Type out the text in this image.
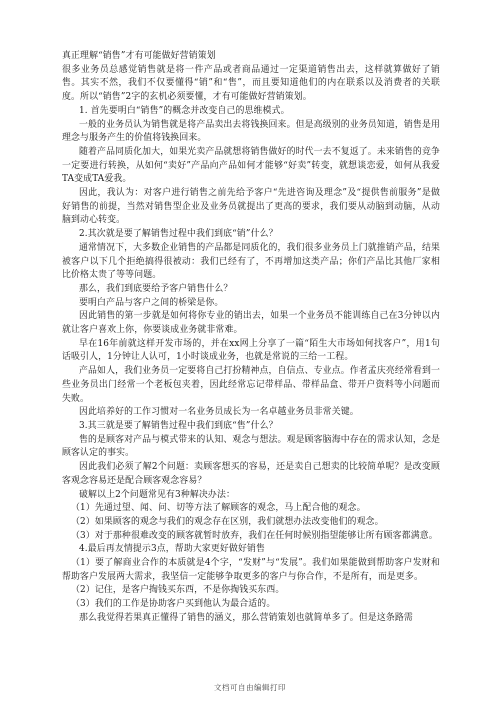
真正理解“销售”才有可能做好营销策划

很多业务员总感觉销售就是将一件产品或者商品通过一定渠道销售出去，这样就算做好了销售。其实不然，我们不仅要懂得“销”和“售”，而且要知道他们的内在联系以及消费者的关联度。所以“销售”2字的玄机必须要懂，才有可能做好营销策划。

1. 首先要明白“销售”的概念并改变自己的思维模式。

一般的业务员认为销售就是将产品卖出去将钱换回来。但是高级别的业务员知道，销售是用理念与服务产生的价值将钱换回来。

随着产品同质化加大，如果光卖产品就想将销售做好的时代一去不复返了。未来销售的竞争一定要进行转换，从如何“卖好”产品向产品如何才能够“好卖”转变，就想谈恋爱，如何从我爱TA变成TA爱我。

因此，我认为：对客户进行销售之前先给予客户“先进咨询及理念”及“提供售前服务”是做好销售的前提，当然对销售型企业及业务员就提出了更高的要求，我们要从动脑到动脑，从动脑到动心转变。

2.其次就是要了解销售过程中我们到底“销”什么？

通常情况下，大多数企业销售的产品都是同质化的，我们很多业务员上门就推销产品，结果被客户以下几个拒绝搞得很被动：我们已经有了，不再增加这类产品；你们产品比其他厂家相比价格太贵了等等问题。

那么，我们到底要给予客户销售什么？

要明白产品与客户之间的桥梁是你。

因此销售的第一步就是如何将你专业的销出去，如果一个业务员不能训练自己在3分钟以内就让客户喜欢上你，你要谈成业务就非常难。

早在16年前就这样开发市场的，并在xx网上分享了一篇“陌生大市场如何找客户”，用1句话吸引人，1分钟让人认可，1小时谈成业务，也就是常说的三给一工程。

产品如人，我们业务员一定要将自己打扮精神点，自信点、专业点。作者孟庆亮经常看到一些业务员出门经常一个老板包夹着，因此经常忘记带样品、带样品盒、带开户资料等小问题而失败。

因此培养好的工作习惯对一名业务员成长为一名卓越业务员非常关键。

3.其三就是要了解销售过程中我们到底“售”什么？

售的是顾客对产品与模式带来的认知、观念与想法。观是顾客脑海中存在的需求认知，念是顾客认定的事实。

因此我们必须了解2个问题：卖顾客想买的容易，还是卖自己想卖的比较简单呢？是改变顾客观念容易还是配合顾客观念容易？

破解以上2个问题常见有3种解决办法：

（1）先通过望、闻、问、切等方法了解顾客的观念，马上配合他的观念。

（2）如果顾客的观念与我们的观念存在区别，我们就想办法改变他们的观念。

（3）对于那种很难改变的顾客就暂时放弃，我们在任何时候别指望能够让所有顾客都满意。

4.最后再友情提示3点，帮助大家更好做好销售

（1）要了解商业合作的本质就是4个字，“发财”与“发展”。我们如果能做到帮助客户发财和帮助客户发展两大需求，我坚信一定能够争取更多的客户与你合作，不是所有，而是更多。

（2）记住，是客户掏钱买东西，不是你掏钱买东西。

（3）我们的工作是协助客户买到他认为最合适的。

那么我觉得若果真正懂得了销售的涵义，那么营销策划也就简单多了。但是这条路需

文档可自由编辑打印
